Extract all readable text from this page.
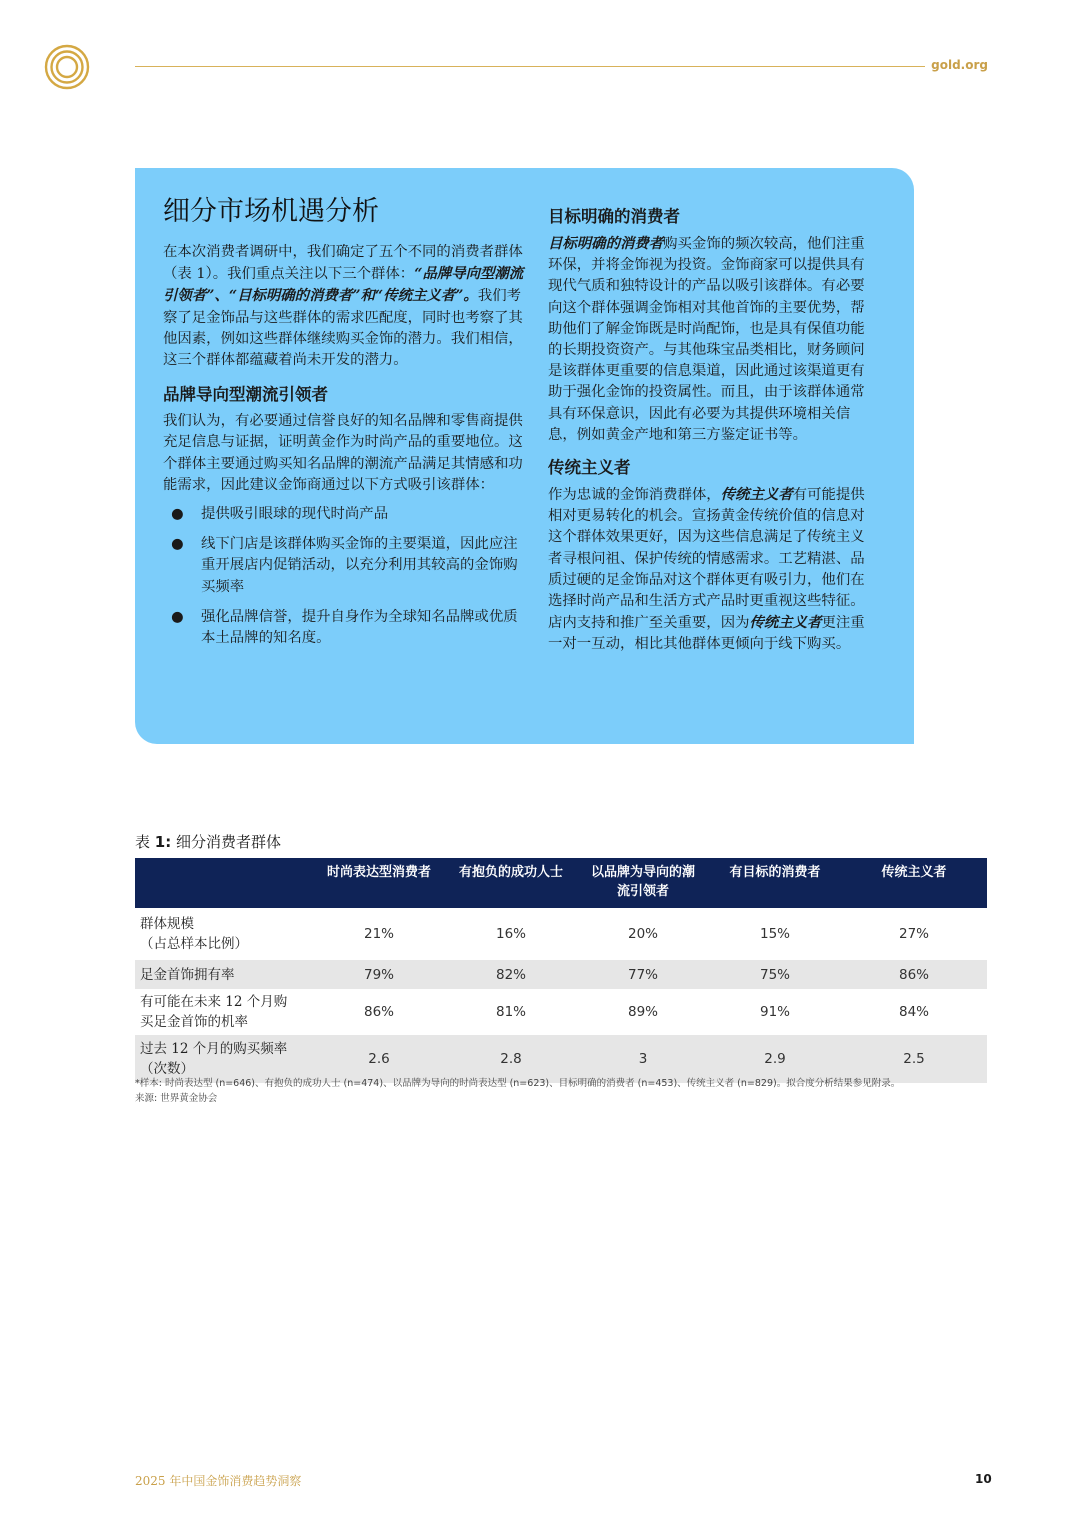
gold.org
细分市场机遇分析

在本次消费者调研中，我们确定了五个不同的消费者群体（表 1）。我们重点关注以下三个群体：“品牌导向型潮流引领者”、“目标明确的消费者”和“传统主义者”。我们考察了足金饰品与这些群体的需求匹配度，同时也考察了其他因素，例如这些群体继续购买金饰的潜力。我们相信，这三个群体都蕴藏着尚未开发的潜力。

品牌导向型潮流引领者

我们认为，有必要通过信誉良好的知名品牌和零售商提供充足信息与证据，证明黄金作为时尚产品的重要地位。这个群体主要通过购买知名品牌的潮流产品满足其情感和功能需求，因此建议金饰商通过以下方式吸引该群体：

● 提供吸引眼球的现代时尚产品
● 线下门店是该群体购买金饰的主要渠道，因此应注重开展店内促销活动，以充分利用其较高的金饰购买频率
● 强化品牌信誉，提升自身作为全球知名品牌或优质本土品牌的知名度。
目标明确的消费者

目标明确的消费者购买金饰的频次较高，他们注重环保，并将金饰视为投资。金饰商家可以提供具有现代气质和独特设计的产品以吸引该群体。有必要向这个群体强调金饰相对其他首饰的主要优势，帮助他们了解金饰既是时尚配饰，也是具有保值功能的长期投资资产。与其他珠宝品类相比，财务顾问是该群体更重要的信息渠道，因此通过该渠道更有助于强化金饰的投资属性。而且，由于该群体通常具有环保意识，因此有必要为其提供环境相关信息，例如黄金产地和第三方鉴定证书等。

传统主义者

作为忠诚的金饰消费群体，传统主义者有可能提供相对更易转化的机会。宣扬黄金传统价值的信息对这个群体效果更好，因为这些信息满足了传统主义者寻根问祖、保护传统的情感需求。工艺精湛、品质过硬的足金饰品对这个群体更有吸引力，他们在选择时尚产品和生活方式产品时更重视这些特征。店内支持和推广至关重要，因为传统主义者更注重一对一互动，相比其他群体更倾向于线下购买。

表 1: 细分消费者群体
	时尚表达型消费者	有抱负的成功人士	以品牌为导向的潮流引领者	有目标的消费者	传统主义者
群体规模
（占总样本比例）	21%	16%	20%	15%	27%
足金首饰拥有率	79%	82%	77%	75%	86%
有可能在未来 12 个月购
买足金首饰的机率	86%	81%	89%	91%	84%
过去 12 个月的购买频率
（次数）	2.6	2.8	3	2.9	2.5
*样本: 时尚表达型 (n=646)、有抱负的成功人士 (n=474)、以品牌为导向的时尚表达型 (n=623)、目标明确的消费者 (n=453)、传统主义者 (n=829)。拟合度分析结果参见附录。
来源: 世界黄金协会
2025 年中国金饰消费趋势洞察	10
